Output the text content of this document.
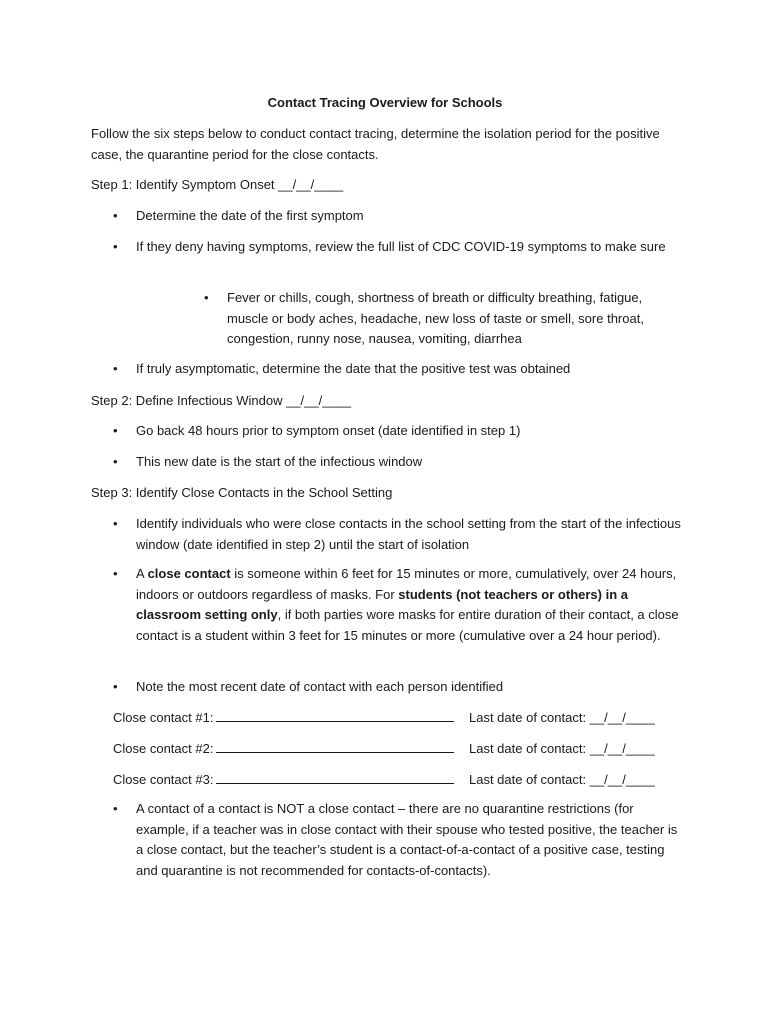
Contact Tracing Overview for Schools
Follow the six steps below to conduct contact tracing, determine the isolation period for the positive case, the quarantine period for the close contacts.
Step 1: Identify Symptom Onset __/__/____
• Determine the date of the first symptom
• If they deny having symptoms, review the full list of CDC COVID-19 symptoms to make sure
• Fever or chills, cough, shortness of breath or difficulty breathing, fatigue, muscle or body aches, headache, new loss of taste or smell, sore throat, congestion, runny nose, nausea, vomiting, diarrhea
• If truly asymptomatic, determine the date that the positive test was obtained
Step 2: Define Infectious Window __/__/____
• Go back 48 hours prior to symptom onset (date identified in step 1)
• This new date is the start of the infectious window
Step 3: Identify Close Contacts in the School Setting
• Identify individuals who were close contacts in the school setting from the start of the infectious window (date identified in step 2) until the start of isolation
• A close contact is someone within 6 feet for 15 minutes or more, cumulatively, over 24 hours, indoors or outdoors regardless of masks. For students (not teachers or others) in a classroom setting only, if both parties wore masks for entire duration of their contact, a close contact is a student within 3 feet for 15 minutes or more (cumulative over a 24 hour period).
• Note the most recent date of contact with each person identified
Close contact #1:	Last date of contact: __/__/____
Close contact #2:	Last date of contact: __/__/____
Close contact #3:	Last date of contact: __/__/____
• A contact of a contact is NOT a close contact – there are no quarantine restrictions (for example, if a teacher was in close contact with their spouse who tested positive, the teacher is a close contact, but the teacher’s student is a contact-of-a-contact of a positive case, testing and quarantine is not recommended for contacts-of-contacts).
